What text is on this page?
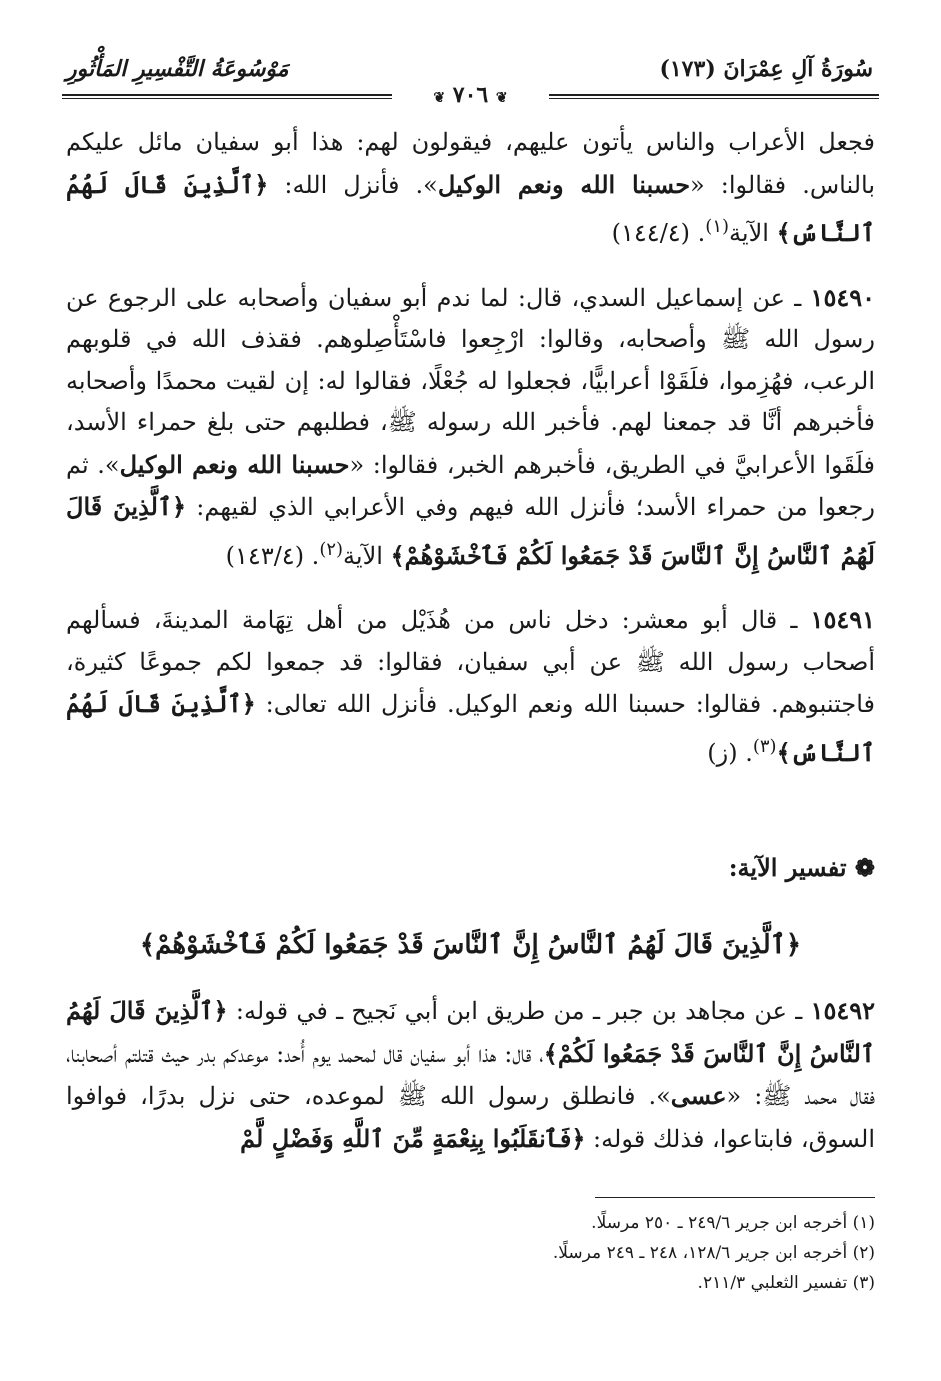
سُورَةُ آلِ عِمْرَانَ (١٧٣)
مَوْسُوعَةُ التَّفْسِيرِ المَأْثُورِ
❦ ٧٠٦ ❦

فجعل الأعراب والناس يأتون عليهم، فيقولون لهم: هذا أبو سفيان مائل عليكم بالناس. فقالوا: «حسبنا الله ونعم الوكيل». فأنزل الله: ﴿ٱلَّذِينَ قَالَ لَهُمُ ٱلنَّاسُ﴾ الآية$^{(١)}$. (١٤٤/٤)

١٥٤٩٠ ـ عن إسماعيل السدي، قال: لما ندم أبو سفيان وأصحابه على الرجوع عن رسول الله ﷺ وأصحابه، وقالوا: ارْجِعوا فاسْتَأْصِلوهم. فقذف الله في قلوبهم الرعب، فهُزِموا، فلَقَوْا أعرابيًّا، فجعلوا له جُعْلًا، فقالوا له: إن لقيت محمدًا وأصحابه فأخبرهم أنَّا قد جمعنا لهم. فأخبر الله رسوله ﷺ، فطلبهم حتى بلغ حمراء الأسد، فلَقَوا الأعرابيَّ في الطريق، فأخبرهم الخبر، فقالوا: «حسبنا الله ونعم الوكيل». ثم رجعوا من حمراء الأسد؛ فأنزل الله فيهم وفي الأعرابي الذي لقيهم: ﴿ٱلَّذِينَ قَالَ لَهُمُ ٱلنَّاسُ إِنَّ ٱلنَّاسَ قَدْ جَمَعُوا لَكُمْ فَٱخْشَوْهُمْ﴾ الآية$^{(٢)}$. (١٤٣/٤)

١٥٤٩١ ـ قال أبو معشر: دخل ناس من هُذَيْل من أهل تِهَامة المدينةَ، فسألهم أصحاب رسول الله ﷺ عن أبي سفيان، فقالوا: قد جمعوا لكم جموعًا كثيرة، فاجتنبوهم. فقالوا: حسبنا الله ونعم الوكيل. فأنزل الله تعالى: ﴿ٱلَّذِينَ قَالَ لَهُمُ ٱلنَّاسُ﴾$^{(٣)}$. (ز)

❁ تفسير الآية:
﴿ٱلَّذِينَ قَالَ لَهُمُ ٱلنَّاسُ إِنَّ ٱلنَّاسَ قَدْ جَمَعُوا لَكُمْ فَٱخْشَوْهُمْ﴾

١٥٤٩٢ ـ عن مجاهد بن جبر ـ من طريق ابن أبي نَجيح ـ في قوله: ﴿ٱلَّذِينَ قَالَ لَهُمُ ٱلنَّاسُ إِنَّ ٱلنَّاسَ قَدْ جَمَعُوا لَكُمْ﴾، قال: هذا أبو سفيان قال لمحمد يوم أُحد: موعدكم بدر حيث قتلتم أصحابنا، فقال محمد ﷺ: «عسى». فانطلق رسول الله ﷺ لموعده، حتى نزل بدرًا، فوافوا السوق، فابتاعوا، فذلك قوله: ﴿فَٱنقَلَبُوا بِنِعْمَةٍ مِّنَ ٱللَّهِ وَفَضْلٍ لَّمْ

(١) أخرجه ابن جرير ٢٤٩/٦ ـ ٢٥٠ مرسلًا.
(٢) أخرجه ابن جرير ١٢٨/٦، ٢٤٨ ـ ٢٤٩ مرسلًا.
(٣) تفسير الثعلبي ٢١١/٣.
